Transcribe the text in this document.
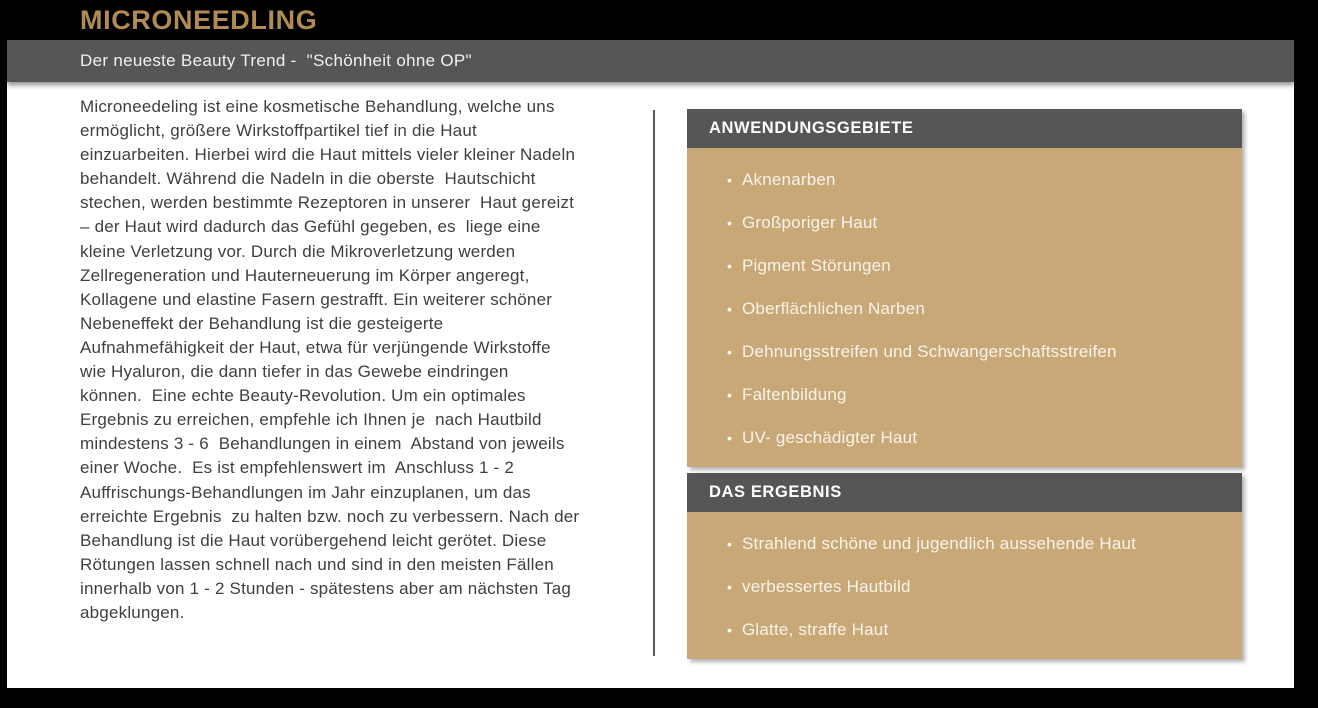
MICRONEEDLING
Der neueste Beauty Trend -  "Schönheit ohne OP"
Microneedeling ist eine kosmetische Behandlung, welche uns
ermöglicht, größere Wirkstoffpartikel tief in die Haut
einzuarbeiten. Hierbei wird die Haut mittels vieler kleiner Nadeln
behandelt. Während die Nadeln in die oberste  Hautschicht
stechen, werden bestimmte Rezeptoren in unserer  Haut gereizt
– der Haut wird dadurch das Gefühl gegeben, es  liege eine
kleine Verletzung vor. Durch die Mikroverletzung werden
Zellregeneration und Hauterneuerung im Körper angeregt,
Kollagene und elastine Fasern gestrafft. Ein weiterer schöner
Nebeneffekt der Behandlung ist die gesteigerte
Aufnahmefähigkeit der Haut, etwa für verjüngende Wirkstoffe
wie Hyaluron, die dann tiefer in das Gewebe eindringen
können.  Eine echte Beauty-Revolution. Um ein optimales
Ergebnis zu erreichen, empfehle ich Ihnen je  nach Hautbild
mindestens 3 - 6  Behandlungen in einem  Abstand von jeweils
einer Woche.  Es ist empfehlenswert im  Anschluss 1 - 2
Auffrischungs-Behandlungen im Jahr einzuplanen, um das
erreichte Ergebnis  zu halten bzw. noch zu verbessern. Nach der
Behandlung ist die Haut vorübergehend leicht gerötet. Diese
Rötungen lassen schnell nach und sind in den meisten Fällen
innerhalb von 1 - 2 Stunden - spätestens aber am nächsten Tag
abgeklungen.
ANWENDUNGSGEBIETE
• Aknenarben
• Großporiger Haut
• Pigment Störungen
• Oberflächlichen Narben
• Dehnungsstreifen und Schwangerschaftsstreifen
• Faltenbildung
• UV- geschädigter Haut
DAS ERGEBNIS
• Strahlend schöne und jugendlich aussehende Haut
• verbessertes Hautbild
• Glatte, straffe Haut
